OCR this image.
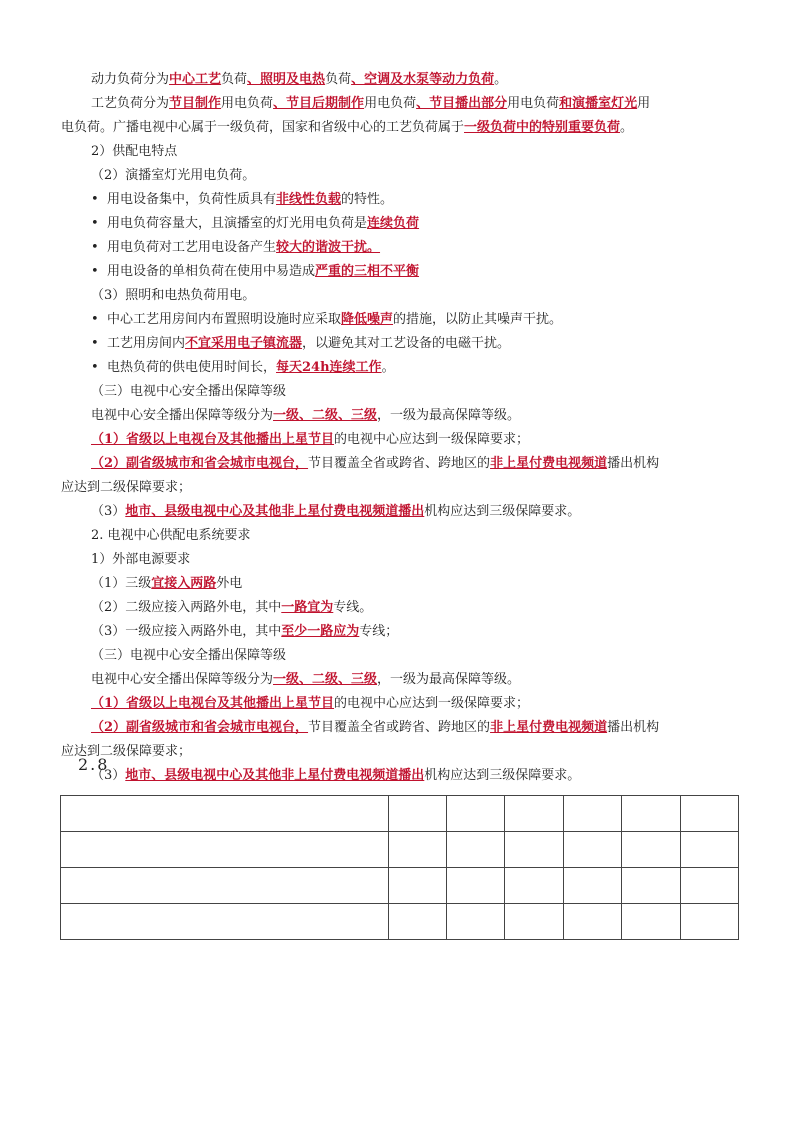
动力负荷分为中心工艺负荷、照明及电热负荷、空调及水泵等动力负荷。
工艺负荷分为节目制作用电负荷、节目后期制作用电负荷、节目播出部分用电负荷和演播室灯光用
电负荷。广播电视中心属于一级负荷，国家和省级中心的工艺负荷属于一级负荷中的特别重要负荷。
2）供配电特点
（2）演播室灯光用电负荷。
• 用电设备集中，负荷性质具有非线性负载的特性。
• 用电负荷容量大，且演播室的灯光用电负荷是连续负荷
• 用电负荷对工艺用电设备产生较大的谐波干扰。
• 用电设备的单相负荷在使用中易造成严重的三相不平衡
（3）照明和电热负荷用电。
• 中心工艺用房间内布置照明设施时应采取降低噪声的措施，以防止其噪声干扰。
• 工艺用房间内不宜采用电子镇流器，以避免其对工艺设备的电磁干扰。
• 电热负荷的供电使用时间长，每天24h连续工作。
（三）电视中心安全播出保障等级
电视中心安全播出保障等级分为一级、二级、三级，一级为最高保障等级。
（1）省级以上电视台及其他播出上星节目的电视中心应达到一级保障要求；
（2）副省级城市和省会城市电视台，节目覆盖全省或跨省、跨地区的非上星付费电视频道播出机构
应达到二级保障要求；
（3）地市、县级电视中心及其他非上星付费电视频道播出机构应达到三级保障要求。
2. 电视中心供配电系统要求
1）外部电源要求
（1）三级宜接入两路外电
（2）二级应接入两路外电，其中一路宜为专线。
（3）一级应接入两路外电，其中至少一路应为专线；
（三）电视中心安全播出保障等级
电视中心安全播出保障等级分为一级、二级、三级，一级为最高保障等级。
（1）省级以上电视台及其他播出上星节目的电视中心应达到一级保障要求；
（2）副省级城市和省会城市电视台，节目覆盖全省或跨省、跨地区的非上星付费电视频道播出机构
应达到二级保障要求；
（3）地市、县级电视中心及其他非上星付费电视频道播出机构应达到三级保障要求。
2.8
